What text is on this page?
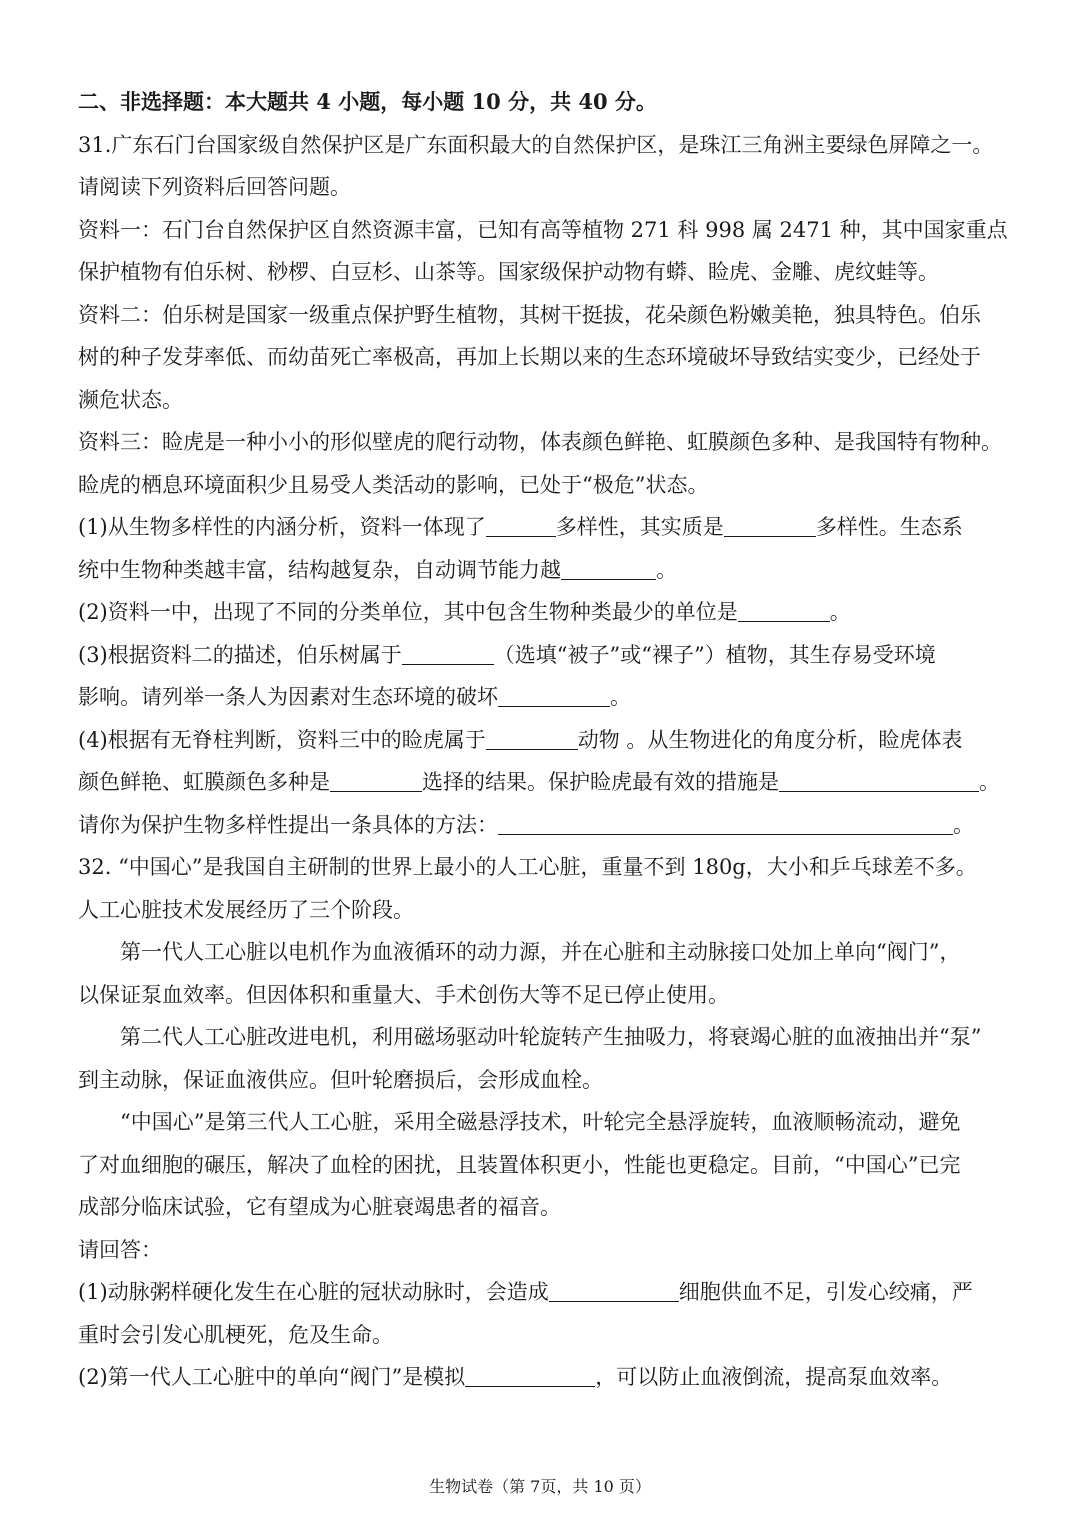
二、非选择题：本大题共 4 小题，每小题 10 分，共 40 分。
31.广东石门台国家级自然保护区是广东面积最大的自然保护区，是珠江三角洲主要绿色屏障之一。
请阅读下列资料后回答问题。
资料一：石门台自然保护区自然资源丰富，已知有高等植物 271 科 998 属 2471 种，其中国家重点
保护植物有伯乐树、桫椤、白豆杉、山茶等。国家级保护动物有蟒、睑虎、金雕、虎纹蛙等。
资料二：伯乐树是国家一级重点保护野生植物，其树干挺拔，花朵颜色粉嫩美艳，独具特色。伯乐
树的种子发芽率低、而幼苗死亡率极高，再加上长期以来的生态环境破坏导致结实变少，已经处于
濒危状态。
资料三：睑虎是一种小小的形似壁虎的爬行动物，体表颜色鲜艳、虹膜颜色多种、是我国特有物种。
睑虎的栖息环境面积少且易受人类活动的影响，已处于“极危”状态。
(1)从生物多样性的内涵分析，资料一体现了	多样性，其实质是	多样性。生态系
统中生物种类越丰富，结构越复杂，自动调节能力越	。
(2)资料一中，出现了不同的分类单位，其中包含生物种类最少的单位是	。
(3)根据资料二的描述，伯乐树属于	（选填“被子”或“裸子”）植物，其生存易受环境
影响。请列举一条人为因素对生态环境的破坏	。
(4)根据有无脊柱判断，资料三中的睑虎属于	动物 。从生物进化的角度分析，睑虎体表
颜色鲜艳、虹膜颜色多种是	选择的结果。保护睑虎最有效的措施是	。
请你为保护生物多样性提出一条具体的方法：	。
32. “中国心”是我国自主研制的世界上最小的人工心脏，重量不到 180g，大小和乒乓球差不多。
人工心脏技术发展经历了三个阶段。
第一代人工心脏以电机作为血液循环的动力源，并在心脏和主动脉接口处加上单向“阀门”，
以保证泵血效率。但因体积和重量大、手术创伤大等不足已停止使用。
第二代人工心脏改进电机，利用磁场驱动叶轮旋转产生抽吸力，将衰竭心脏的血液抽出并“泵”
到主动脉，保证血液供应。但叶轮磨损后，会形成血栓。
“中国心”是第三代人工心脏，采用全磁悬浮技术，叶轮完全悬浮旋转，血液顺畅流动，避免
了对血细胞的碾压，解决了血栓的困扰，且装置体积更小，性能也更稳定。目前，“中国心”已完
成部分临床试验，它有望成为心脏衰竭患者的福音。
请回答：
(1)动脉粥样硬化发生在心脏的冠状动脉时，会造成	细胞供血不足，引发心绞痛，严
重时会引发心肌梗死，危及生命。
(2)第一代人工心脏中的单向“阀门”是模拟	，可以防止血液倒流，提高泵血效率。
生物试卷（第 7页，共 10 页）
